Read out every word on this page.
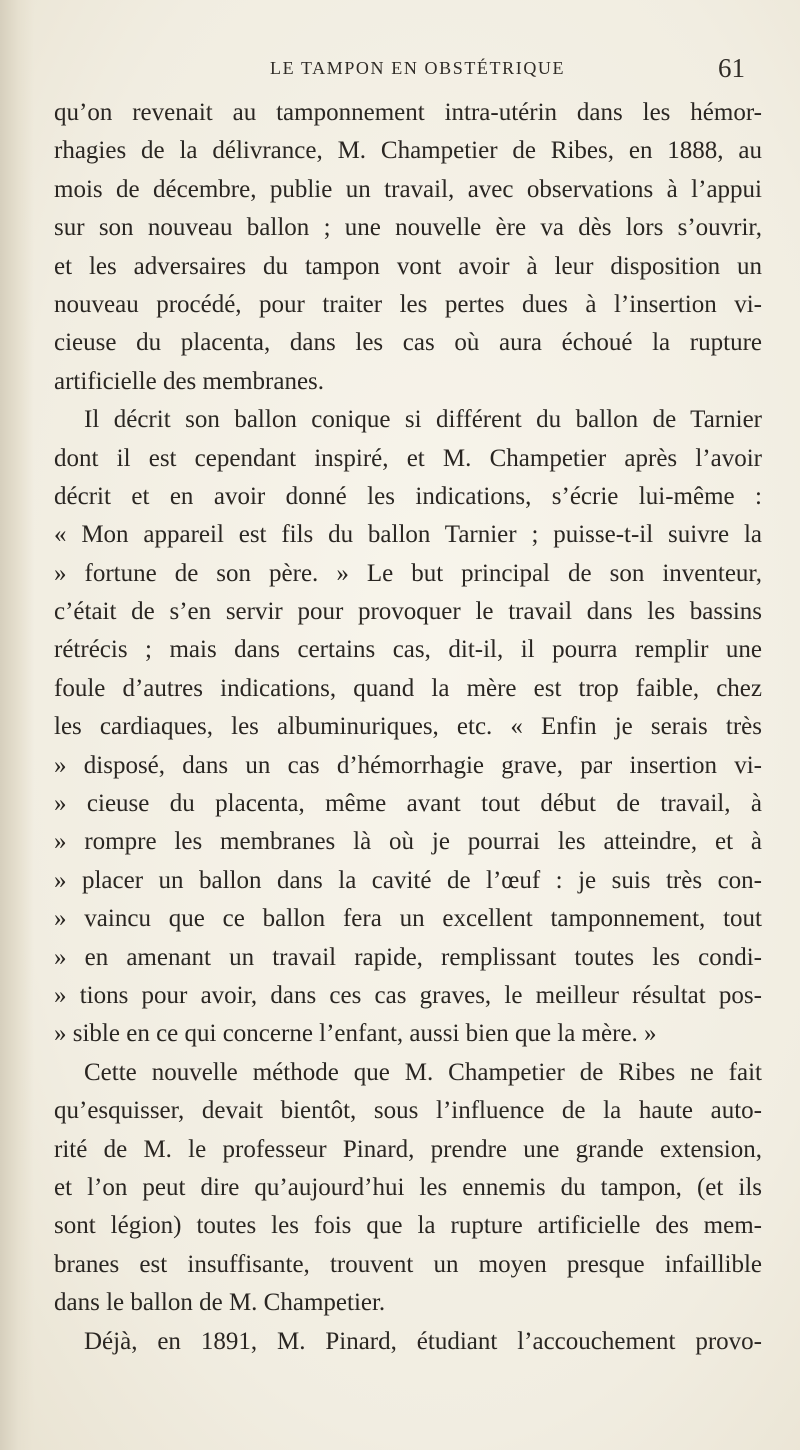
LE TAMPON EN OBSTÉTRIQUE	61
qu’on revenait au tamponnement intra-utérin dans les hémor-
rhagies de la délivrance, M. Champetier de Ribes, en 1888, au
mois de décembre, publie un travail, avec observations à l’appui
sur son nouveau ballon ; une nouvelle ère va dès lors s’ouvrir,
et les adversaires du tampon vont avoir à leur disposition un
nouveau procédé, pour traiter les pertes dues à l’insertion vi-
cieuse du placenta, dans les cas où aura échoué la rupture
artificielle des membranes.
Il décrit son ballon conique si différent du ballon de Tarnier
dont il est cependant inspiré, et M. Champetier après l’avoir
décrit et en avoir donné les indications, s’écrie lui-même :
« Mon appareil est fils du ballon Tarnier ; puisse-t-il suivre la
» fortune de son père. » Le but principal de son inventeur,
c’était de s’en servir pour provoquer le travail dans les bassins
rétrécis ; mais dans certains cas, dit-il, il pourra remplir une
foule d’autres indications, quand la mère est trop faible, chez
les cardiaques, les albuminuriques, etc. « Enfin je serais très
» disposé, dans un cas d’hémorrhagie grave, par insertion vi-
» cieuse du placenta, même avant tout début de travail, à
» rompre les membranes là où je pourrai les atteindre, et à
» placer un ballon dans la cavité de l’œuf : je suis très con-
» vaincu que ce ballon fera un excellent tamponnement, tout
» en amenant un travail rapide, remplissant toutes les condi-
» tions pour avoir, dans ces cas graves, le meilleur résultat pos-
» sible en ce qui concerne l’enfant, aussi bien que la mère. »
Cette nouvelle méthode que M. Champetier de Ribes ne fait
qu’esquisser, devait bientôt, sous l’influence de la haute auto-
rité de M. le professeur Pinard, prendre une grande extension,
et l’on peut dire qu’aujourd’hui les ennemis du tampon, (et ils
sont légion) toutes les fois que la rupture artificielle des mem-
branes est insuffisante, trouvent un moyen presque infaillible
dans le ballon de M. Champetier.
Déjà, en 1891, M. Pinard, étudiant l’accouchement provo-
